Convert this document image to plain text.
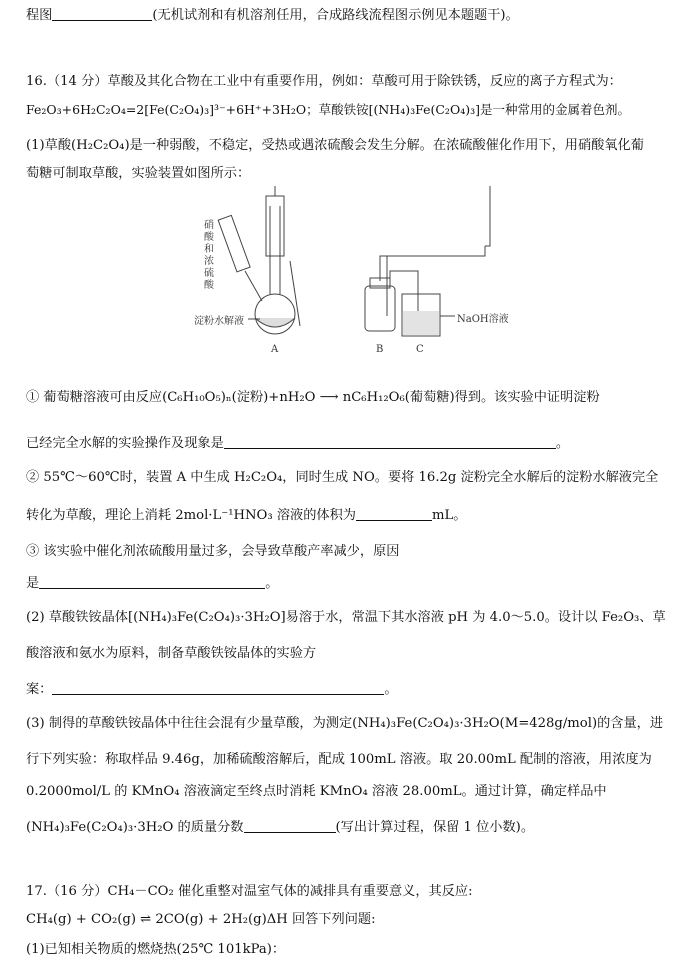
程图	(无机试剂和有机溶剂任用，合成路线流程图示例见本题题干)。
16.（14 分）草酸及其化合物在工业中有重要作用，例如：草酸可用于除铁锈，反应的离子方程式为：
Fe₂O₃+6H₂C₂O₄=2[Fe(C₂O₄)₃]³⁻+6H⁺+3H₂O；草酸铁铵[(NH₄)₃Fe(C₂O₄)₃]是一种常用的金属着色剂。
(1)草酸(H₂C₂O₄)是一种弱酸，不稳定，受热或遇浓硫酸会发生分解。在浓硫酸催化作用下，用硝酸氧化葡
萄糖可制取草酸，实验装置如图所示：
硝酸和浓硫酸
淀粉水解液	NaOH溶液
A	B	C
① 葡萄糖溶液可由反应(C₆H₁₀O₅)ₙ(淀粉)+nH₂O ⟶ nC₆H₁₂O₆(葡萄糖)得到。该实验中证明淀粉
已经完全水解的实验操作及现象是	。
② 55℃～60℃时，装置 A 中生成 H₂C₂O₄，同时生成 NO。要将 16.2g 淀粉完全水解后的淀粉水解液完全
转化为草酸，理论上消耗 2mol·L⁻¹HNO₃ 溶液的体积为	mL。
③ 该实验中催化剂浓硫酸用量过多，会导致草酸产率减少，原因
是	。
(2) 草酸铁铵晶体[(NH₄)₃Fe(C₂O₄)₃·3H₂O]易溶于水，常温下其水溶液 pH 为 4.0～5.0。设计以 Fe₂O₃、草
酸溶液和氨水为原料，制备草酸铁铵晶体的实验方
案：	。
(3) 制得的草酸铁铵晶体中往往会混有少量草酸，为测定(NH₄)₃Fe(C₂O₄)₃·3H₂O(M=428g/mol)的含量，进
行下列实验：称取样品 9.46g，加稀硫酸溶解后，配成 100mL 溶液。取 20.00mL 配制的溶液，用浓度为
0.2000mol/L 的 KMnO₄ 溶液滴定至终点时消耗 KMnO₄ 溶液 28.00mL。通过计算，确定样品中
(NH₄)₃Fe(C₂O₄)₃·3H₂O 的质量分数	(写出计算过程，保留 1 位小数)。
17.（16 分）CH₄－CO₂ 催化重整对温室气体的减排具有重要意义，其反应:
CH₄(g) + CO₂(g) ⇌ 2CO(g) + 2H₂(g)ΔH 回答下列问题:
(1)已知相关物质的燃烧热(25℃ 101kPa)：
